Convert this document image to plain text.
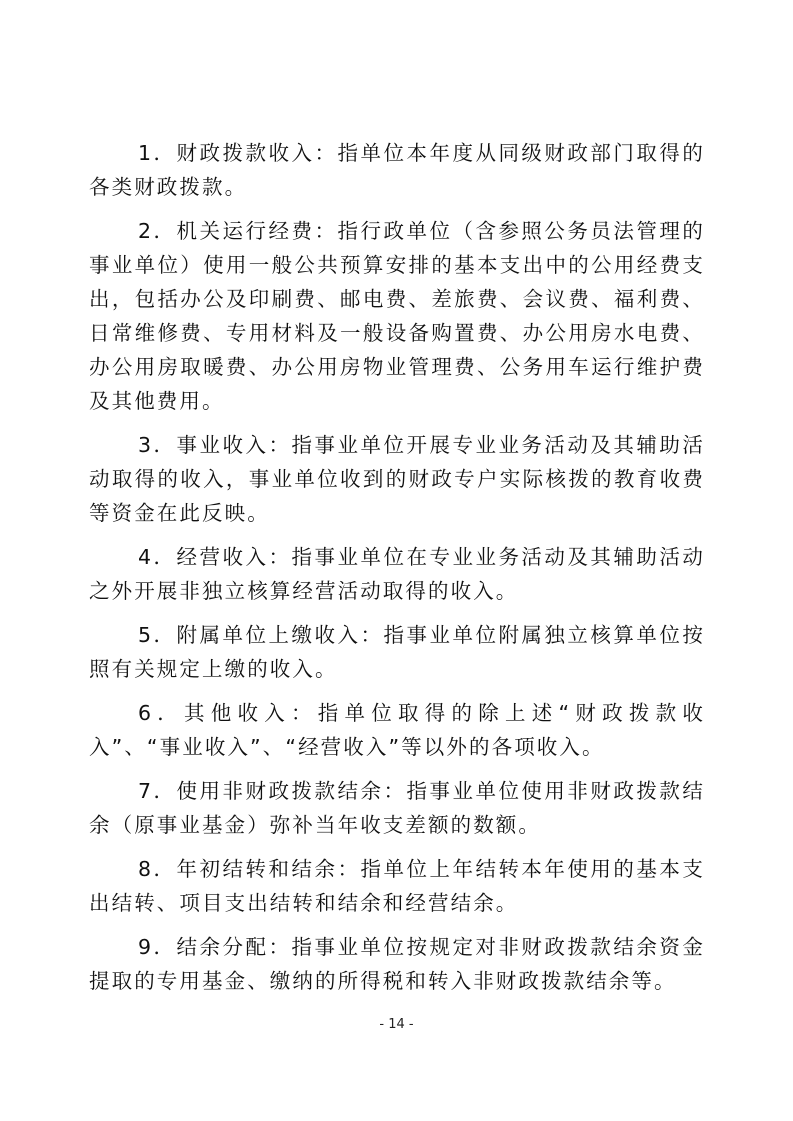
1．财政拨款收入：指单位本年度从同级财政部门取得的各类财政拨款。

2．机关运行经费：指行政单位（含参照公务员法管理的事业单位）使用一般公共预算安排的基本支出中的公用经费支出，包括办公及印刷费、邮电费、差旅费、会议费、福利费、日常维修费、专用材料及一般设备购置费、办公用房水电费、办公用房取暖费、办公用房物业管理费、公务用车运行维护费及其他费用。

3．事业收入：指事业单位开展专业业务活动及其辅助活动取得的收入，事业单位收到的财政专户实际核拨的教育收费等资金在此反映。

4．经营收入：指事业单位在专业业务活动及其辅助活动之外开展非独立核算经营活动取得的收入。

5．附属单位上缴收入：指事业单位附属独立核算单位按照有关规定上缴的收入。

6．其他收入：指单位取得的除上述“财政拨款收入”、“事业收入”、“经营收入”等以外的各项收入。

7．使用非财政拨款结余：指事业单位使用非财政拨款结余（原事业基金）弥补当年收支差额的数额。

8．年初结转和结余：指单位上年结转本年使用的基本支出结转、项目支出结转和结余和经营结余。

9．结余分配：指事业单位按规定对非财政拨款结余资金提取的专用基金、缴纳的所得税和转入非财政拨款结余等。

- 14 -
